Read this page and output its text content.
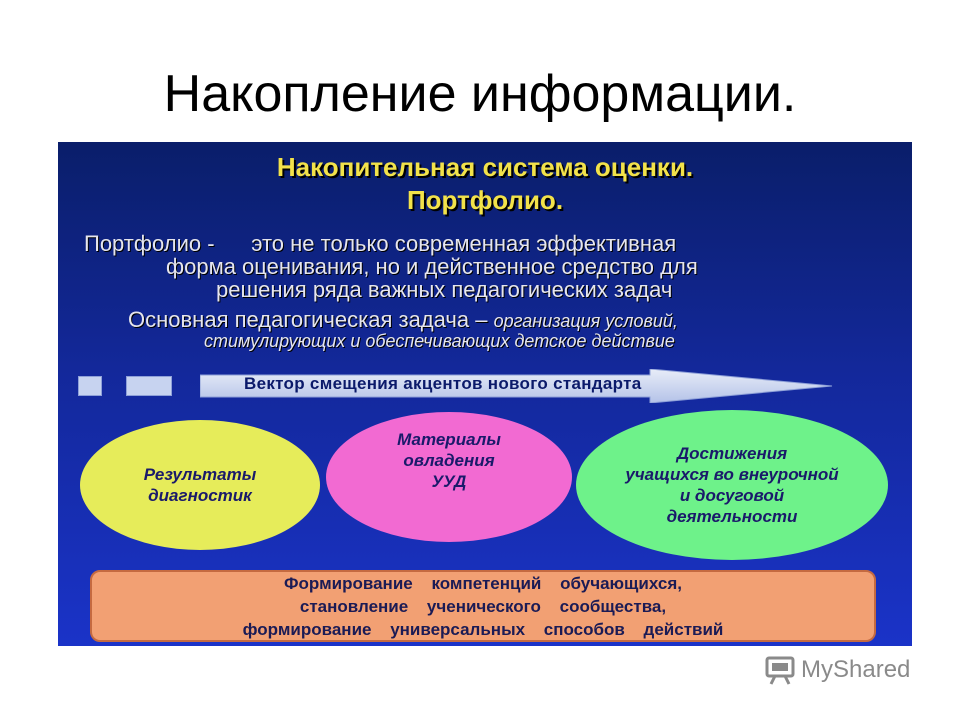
Накопление информации.
Накопительная система оценки.
Портфолио.
Портфолио -      это не только современная эффективная
форма оценивания, но и действенное средство для
решения ряда важных педагогических задач
Основная педагогическая задача – организация условий,
стимулирующих и обеспечивающих детское действие
Вектор смещения акцентов нового стандарта
Результаты
диагностик
Материалы
овладения
УУД
Достижения
учащихся во внеурочной
и досуговой
деятельности
Формирование компетенций обучающихся,
становление ученического сообщества,
формирование универсальных способов действий
MyShared
